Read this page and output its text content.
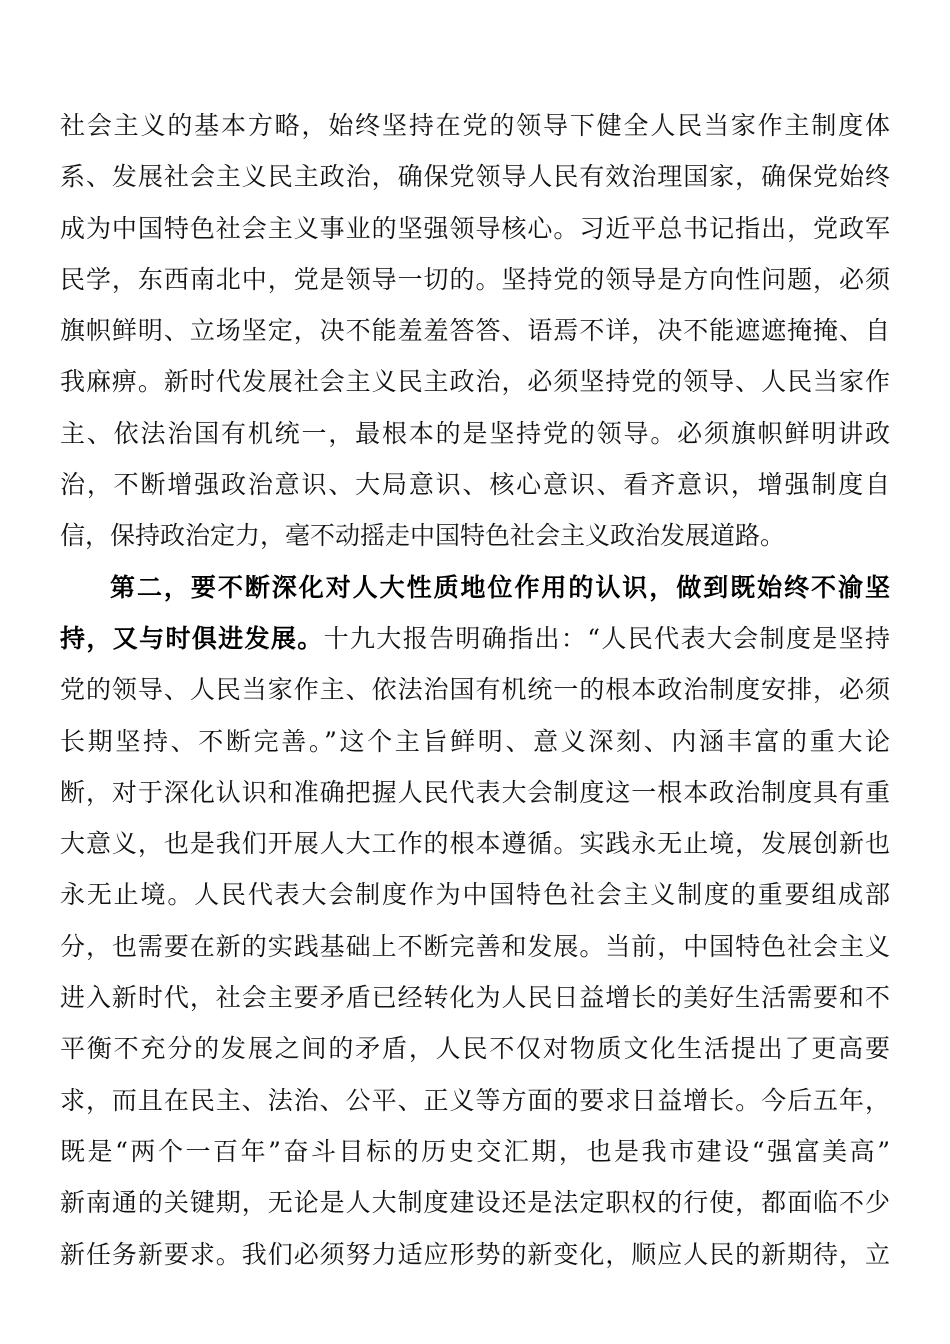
社会主义的基本方略，始终坚持在党的领导下健全人民当家作主制度体
系、发展社会主义民主政治，确保党领导人民有效治理国家，确保党始终
成为中国特色社会主义事业的坚强领导核心。习近平总书记指出，党政军
民学，东西南北中，党是领导一切的。坚持党的领导是方向性问题，必须
旗帜鲜明、立场坚定，决不能羞羞答答、语焉不详，决不能遮遮掩掩、自
我麻痹。新时代发展社会主义民主政治，必须坚持党的领导、人民当家作
主、依法治国有机统一，最根本的是坚持党的领导。必须旗帜鲜明讲政
治，不断增强政治意识、大局意识、核心意识、看齐意识，增强制度自
信，保持政治定力，毫不动摇走中国特色社会主义政治发展道路。
第二，要不断深化对人大性质地位作用的认识，做到既始终不渝坚
持，又与时俱进发展。十九大报告明确指出：“人民代表大会制度是坚持
党的领导、人民当家作主、依法治国有机统一的根本政治制度安排，必须
长期坚持、不断完善。”这个主旨鲜明、意义深刻、内涵丰富的重大论
断，对于深化认识和准确把握人民代表大会制度这一根本政治制度具有重
大意义，也是我们开展人大工作的根本遵循。实践永无止境，发展创新也
永无止境。人民代表大会制度作为中国特色社会主义制度的重要组成部
分，也需要在新的实践基础上不断完善和发展。当前，中国特色社会主义
进入新时代，社会主要矛盾已经转化为人民日益增长的美好生活需要和不
平衡不充分的发展之间的矛盾，人民不仅对物质文化生活提出了更高要
求，而且在民主、法治、公平、正义等方面的要求日益增长。今后五年，
既是“两个一百年”奋斗目标的历史交汇期，也是我市建设“强富美高”
新南通的关键期，无论是人大制度建设还是法定职权的行使，都面临不少
新任务新要求。我们必须努力适应形势的新变化，顺应人民的新期待，立
